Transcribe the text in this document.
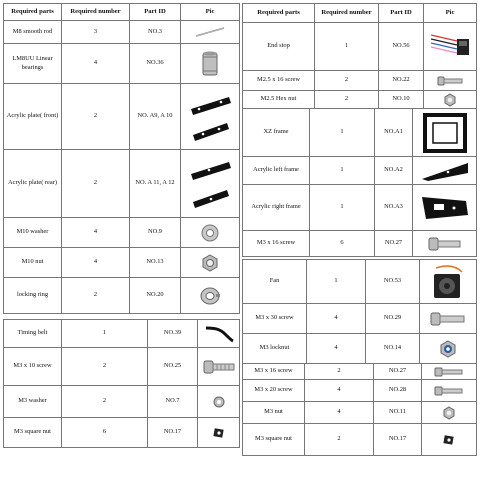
Required parts	Required number	Part ID	Pic
M8 smooth rod	3	NO.3	

LM8UU Linear bearings	4	NO.36	

Acrylic plate( front)	2	NO. A9, A 10	

Acrylic plate( rear)	2	NO. A 11, A 12	

M10 washer	4	NO.9	

M10 nut	4	NO.13	

locking ring	2	NO.20	
Timing belt	1	NO.39	

M3 x 10 screw	2	NO.25	

M3 washer	2	NO.7	

M3 square nut	6	NO.17	
Required parts	Required number	Part ID	Pic
End stop	1	NO.56	

M2.5 x 16 screw	2	NO.22	

M2.5 Hex nut	2	NO.10	
XZ frame	1	NO.A1	

Acrylic left frame	1	NO.A2	

Acrylic right frame	1	NO.A3	

M3 x 16 screw	6	NO.27	
Fan	1	NO.53	

M3 x 30 screw	4	NO.29	

M3 locknut	4	NO.14	
M3 x 16 screw	2	NO.27	

M3 x 20 screw	4	NO.28	

M3 nut	4	NO.11	

M3 square nut	2	NO.17	
